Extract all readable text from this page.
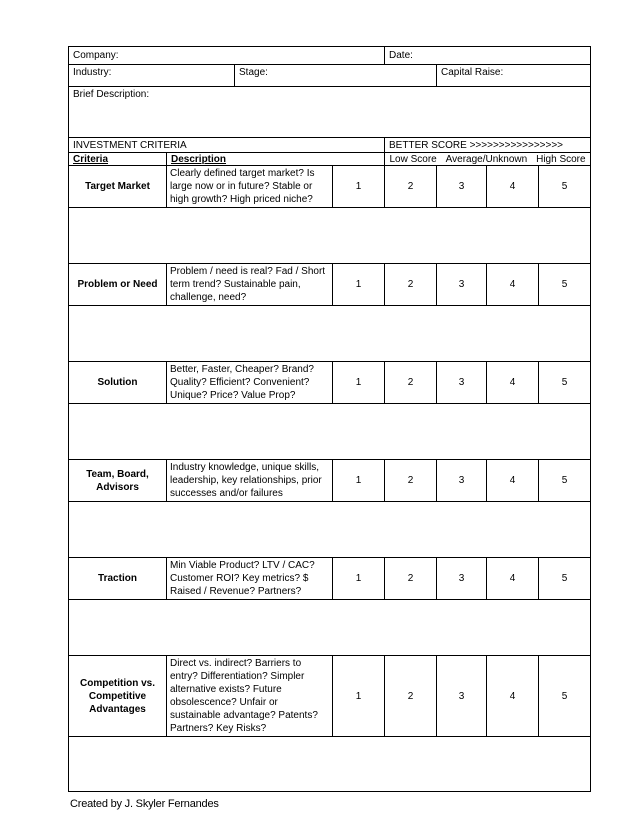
Company:				Date:			
Industry:		Stage:			Capital Raise:		
Brief Description:							
INVESTMENT CRITERIA				BETTER SCORE >>>>>>>>>>>>>>>>			
Criteria	Description			Low Score Average/Unknown High Score			

Target Market	Clearly defined target market? Is large now or in future? Stable or high growth? High priced niche?		1	2	3	4	5

Problem or Need	Problem / need is real? Fad / Short term trend? Sustainable pain, challenge, need?		1	2	3	4	5

Solution	Better, Faster, Cheaper? Brand? Quality? Efficient? Convenient? Unique? Price? Value Prop?		1	2	3	4	5

Team, Board, Advisors	Industry knowledge, unique skills, leadership, key relationships, prior successes and/or failures		1	2	3	4	5

Traction	Min Viable Product? LTV / CAC? Customer ROI? Key metrics? $ Raised / Revenue? Partners?		1	2	3	4	5

Competition vs. Competitive Advantages	Direct vs. indirect? Barriers to entry? Differentiation? Simpler alternative exists? Future obsolescence? Unfair or sustainable advantage? Patents? Partners? Key Risks?		1	2	3	4	5

Created by J. Skyler Fernandes
